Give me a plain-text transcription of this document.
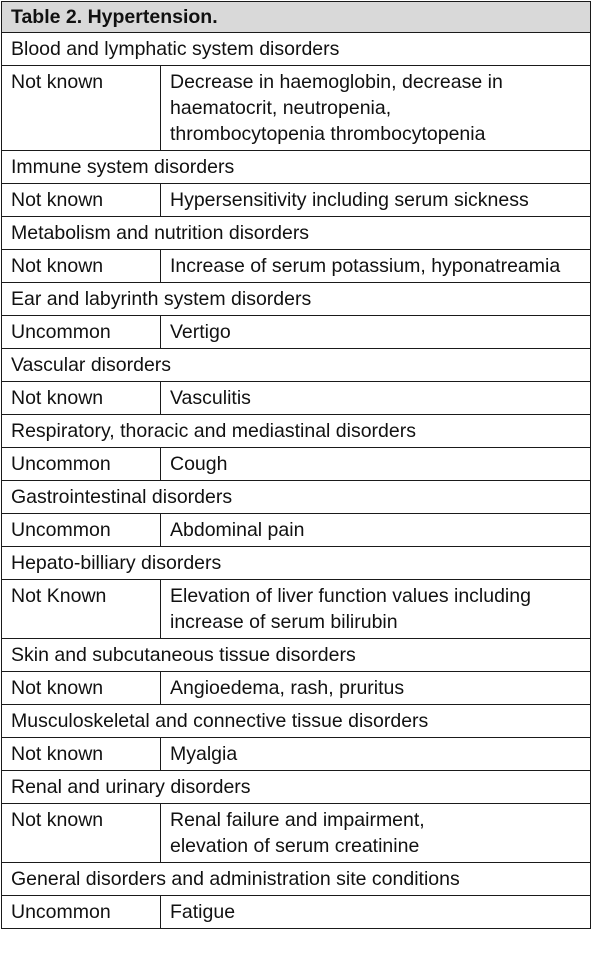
Table 2. Hypertension.	
Blood and lymphatic system disorders	
Not known	Decrease in haemoglobin, decrease in
haematocrit, neutropenia,
thrombocytopenia thrombocytopenia
Immune system disorders	
Not known	Hypersensitivity including serum sickness
Metabolism and nutrition disorders	
Not known	Increase of serum potassium, hyponatreamia
Ear and labyrinth system disorders	
Uncommon	Vertigo
Vascular disorders	
Not known	Vasculitis
Respiratory, thoracic and mediastinal disorders	
Uncommon	Cough
Gastrointestinal disorders	
Uncommon	Abdominal pain
Hepato-billiary disorders	
Not Known	Elevation of liver function values including increase of serum bilirubin
Skin and subcutaneous tissue disorders	
Not known	Angioedema, rash, pruritus
Musculoskeletal and connective tissue disorders	
Not known	Myalgia
Renal and urinary disorders	
Not known	Renal failure and impairment,
elevation of serum creatinine
General disorders and administration site conditions	
Uncommon	Fatigue
